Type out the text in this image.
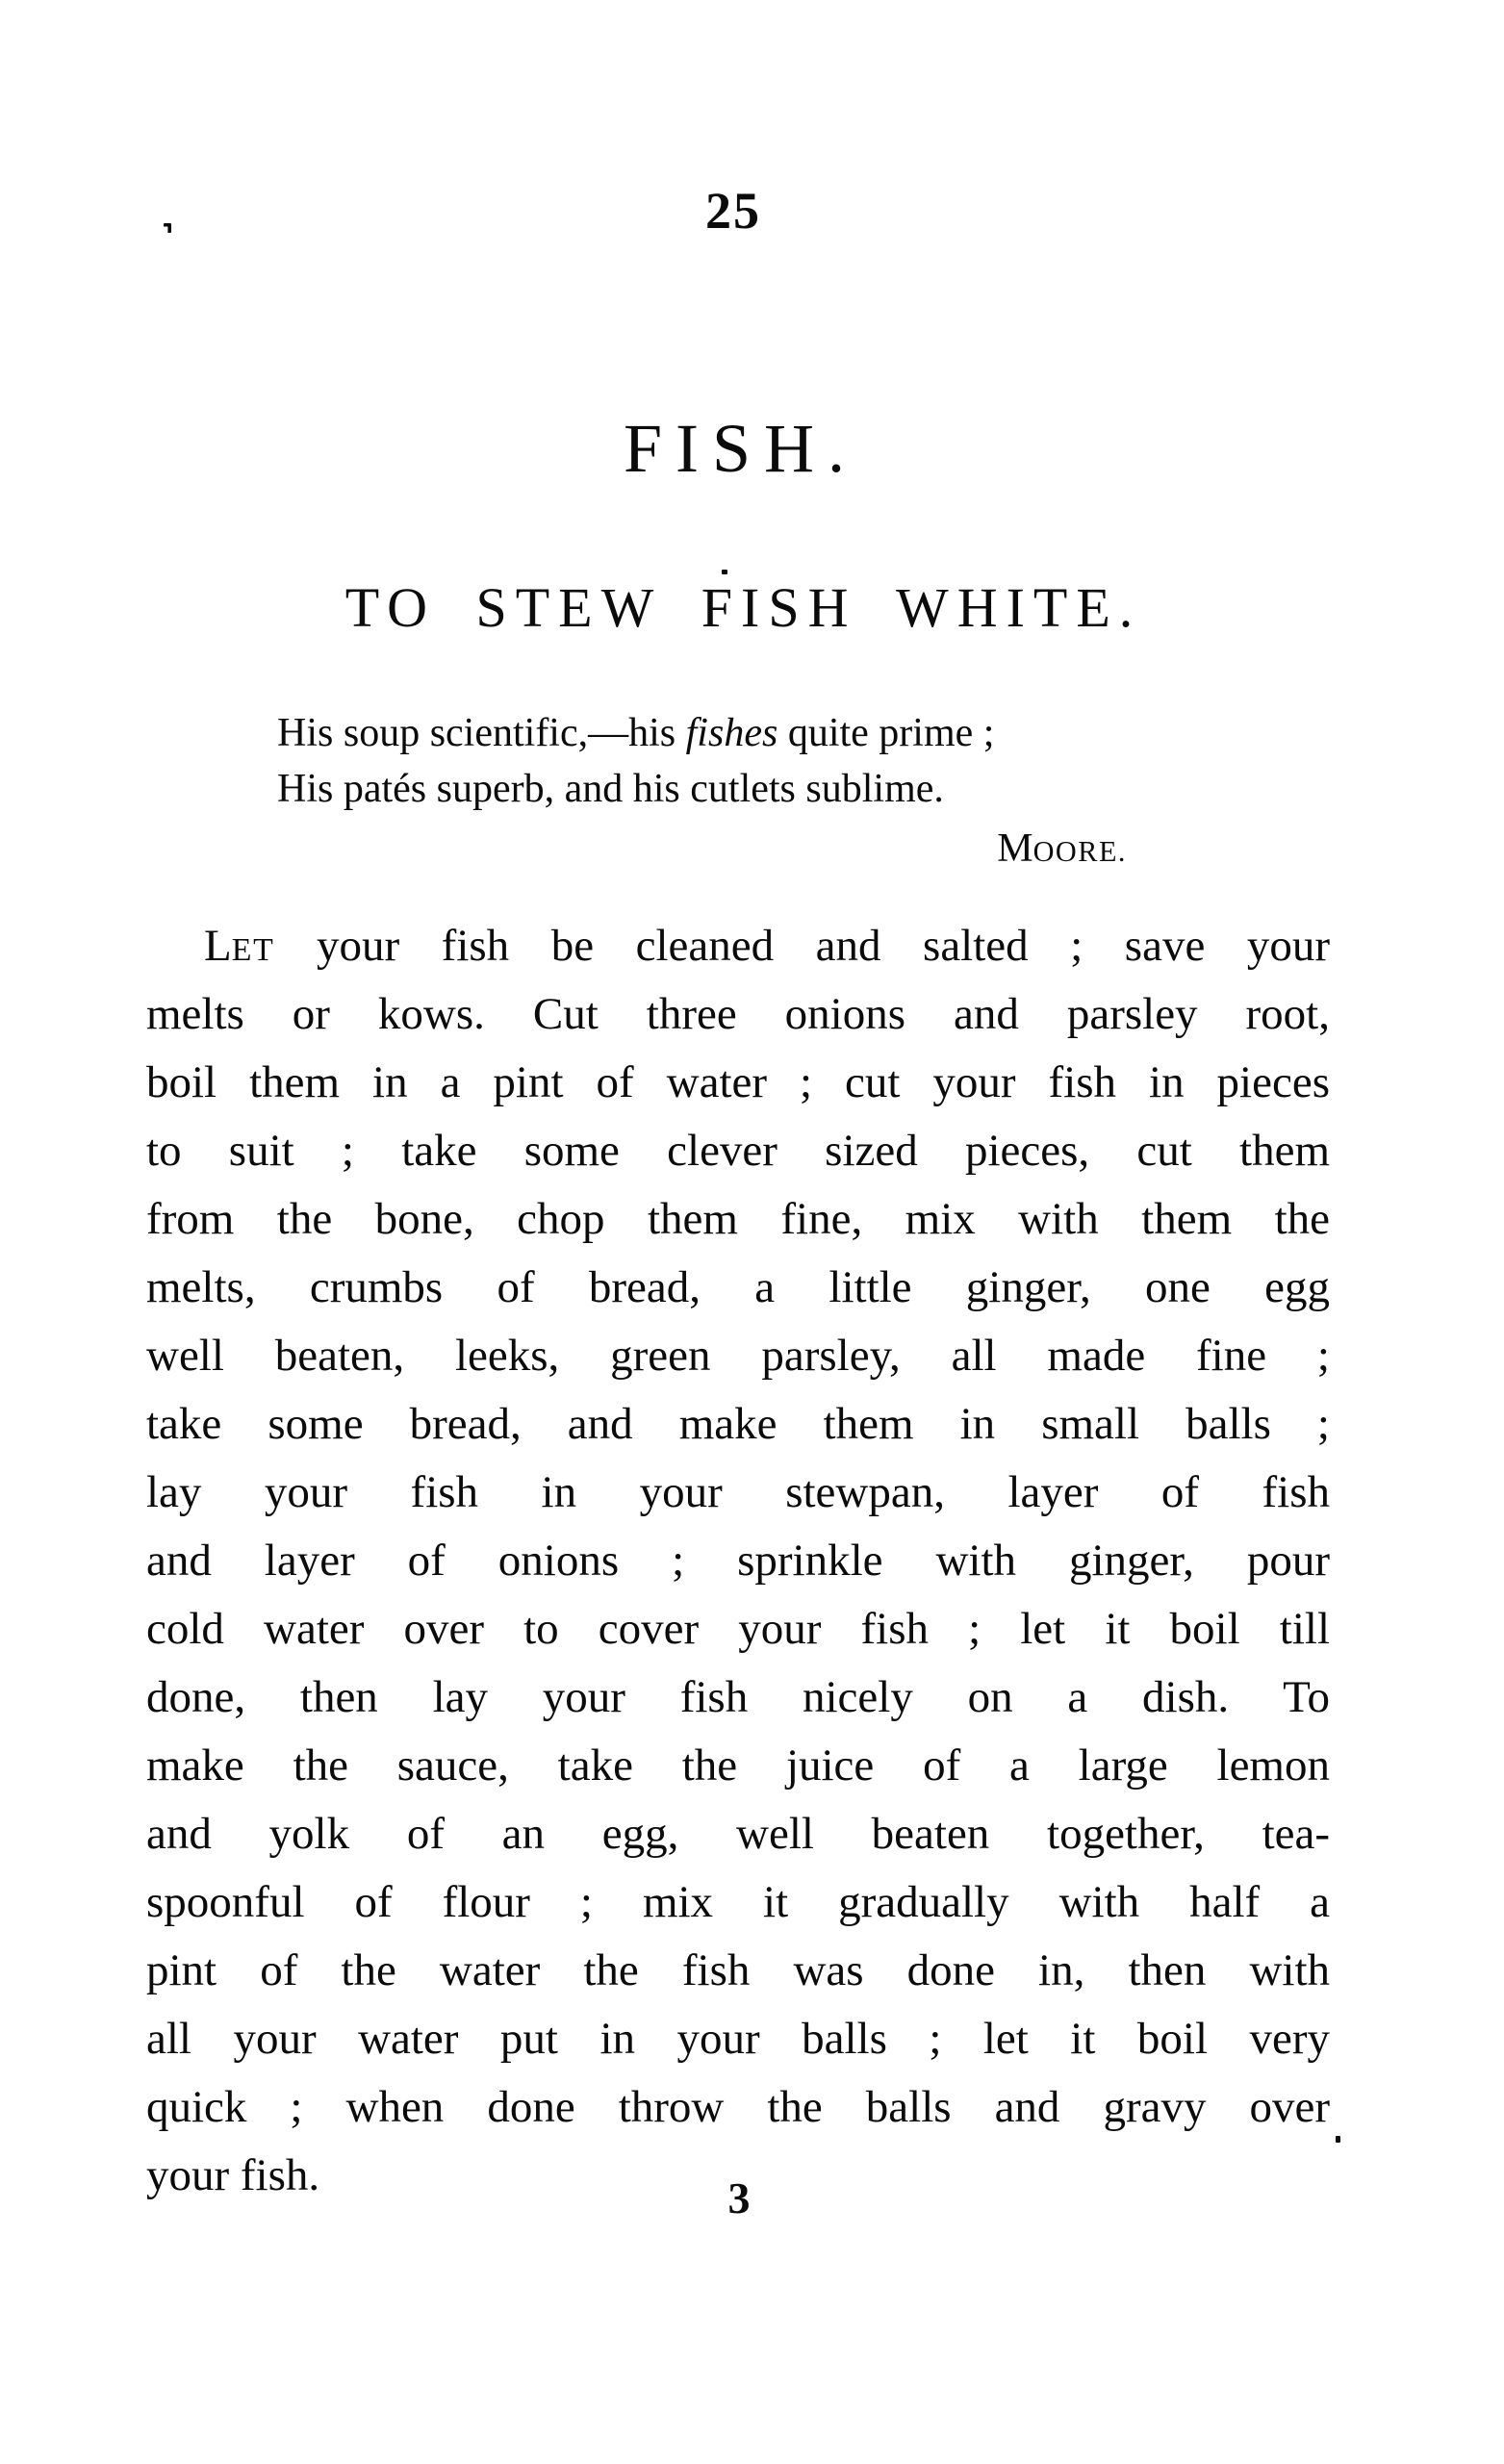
25
FISH.
TO STEW FISH WHITE.
His soup scientific,—his fishes quite prime ;
His patés superb, and his cutlets sublime.
MOORE.
LET your fish be cleaned and salted ; save your
melts or kows. Cut three onions and parsley root,
boil them in a pint of water ; cut your fish in pieces
to suit ; take some clever sized pieces, cut them
from the bone, chop them fine, mix with them the
melts, crumbs of bread, a little ginger, one egg
well beaten, leeks, green parsley, all made fine ;
take some bread, and make them in small balls ;
lay your fish in your stewpan, layer of fish
and layer of onions ; sprinkle with ginger, pour
cold water over to cover your fish ; let it boil till
done, then lay your fish nicely on a dish. To
make the sauce, take the juice of a large lemon
and yolk of an egg, well beaten together, tea-
spoonful of flour ; mix it gradually with half a
pint of the water the fish was done in, then with
all your water put in your balls ; let it boil very
quick ; when done throw the balls and gravy over
your fish.	3
